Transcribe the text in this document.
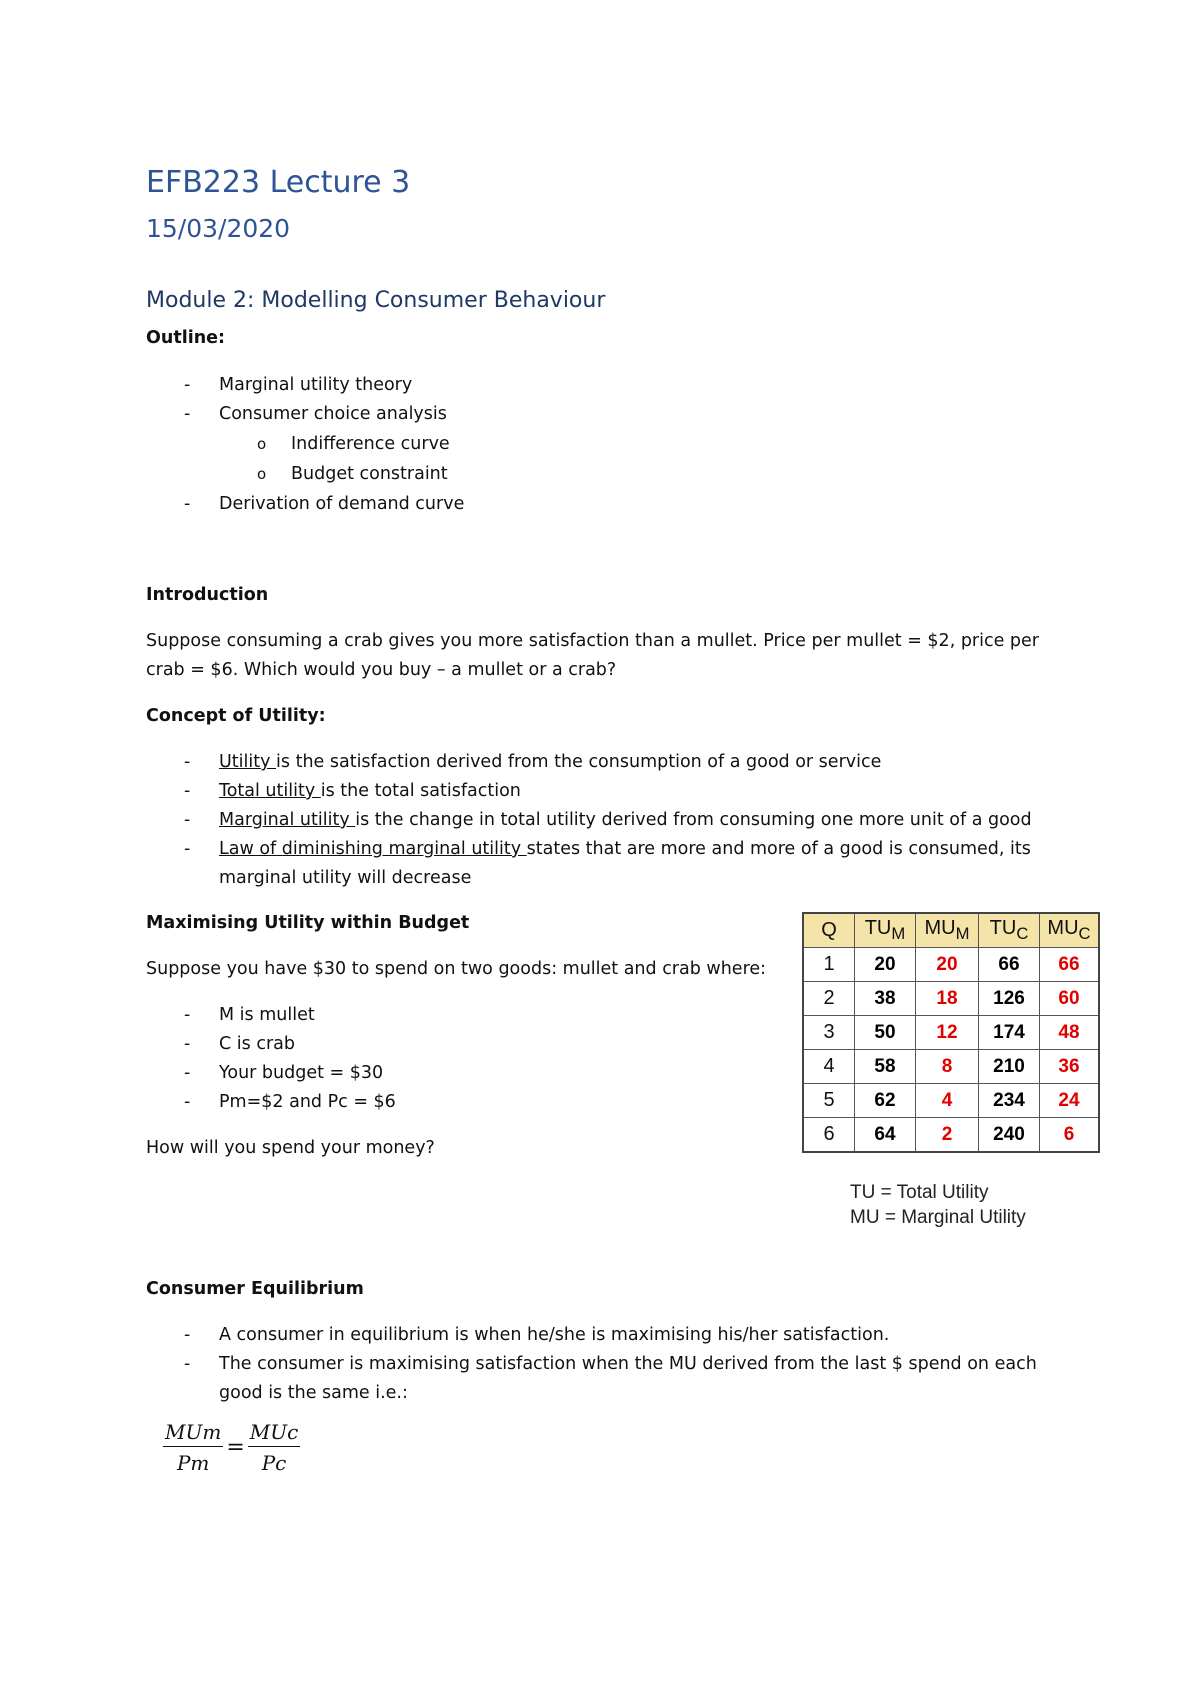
EFB223 Lecture 3
15/03/2020
Module 2: Modelling Consumer Behaviour
Outline:
- Marginal utility theory
- Consumer choice analysis
o Indifference curve
o Budget constraint
- Derivation of demand curve
Introduction
Suppose consuming a crab gives you more satisfaction than a mullet. Price per mullet = $2, price per
crab = $6. Which would you buy – a mullet or a crab?
Concept of Utility:
- Utility is the satisfaction derived from the consumption of a good or service
- Total utility is the total satisfaction
- Marginal utility is the change in total utility derived from consuming one more unit of a good
- Law of diminishing marginal utility states that are more and more of a good is consumed, its
marginal utility will decrease
Maximising Utility within Budget
Suppose you have $30 to spend on two goods: mullet and crab where:
- M is mullet
- C is crab
- Your budget = $30
- Pm=$2 and Pc = $6
How will you spend your money?
Q	$TU_M$	$MU_M$	$TU_C$	$MU_C$
1	20	20	66	66
2	38	18	126	60
3	50	12	174	48
4	58	8	210	36
5	62	4	234	24
6	64	2	240	6
TU = Total Utility
MU = Marginal Utility
Consumer Equilibrium
- A consumer in equilibrium is when he/she is maximising his/her satisfaction.
- The consumer is maximising satisfaction when the MU derived from the last $ spend on each
good is the same i.e.:
$\frac{\text{MUm}}{Pm} = \frac{\text{MUc}}{Pc}$
